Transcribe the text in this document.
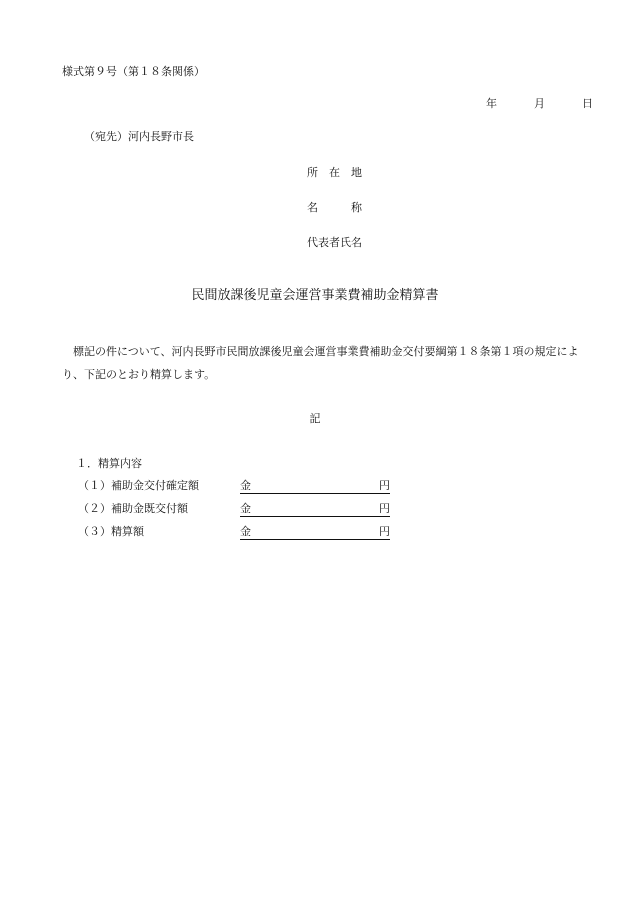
様式第９号（第１８条関係）
年	月	日
（宛先）河内長野市長
所　在　地
名　　　称
代表者氏名
民間放課後児童会運営事業費補助金精算書
標記の件について、河内長野市民間放課後児童会運営事業費補助金交付要綱第１８条第１項の規定により、下記のとおり精算します。
記
１．精算内容
（１）補助金交付確定額	金	円
（２）補助金既交付額	金	円
（３）精算額	金	円
